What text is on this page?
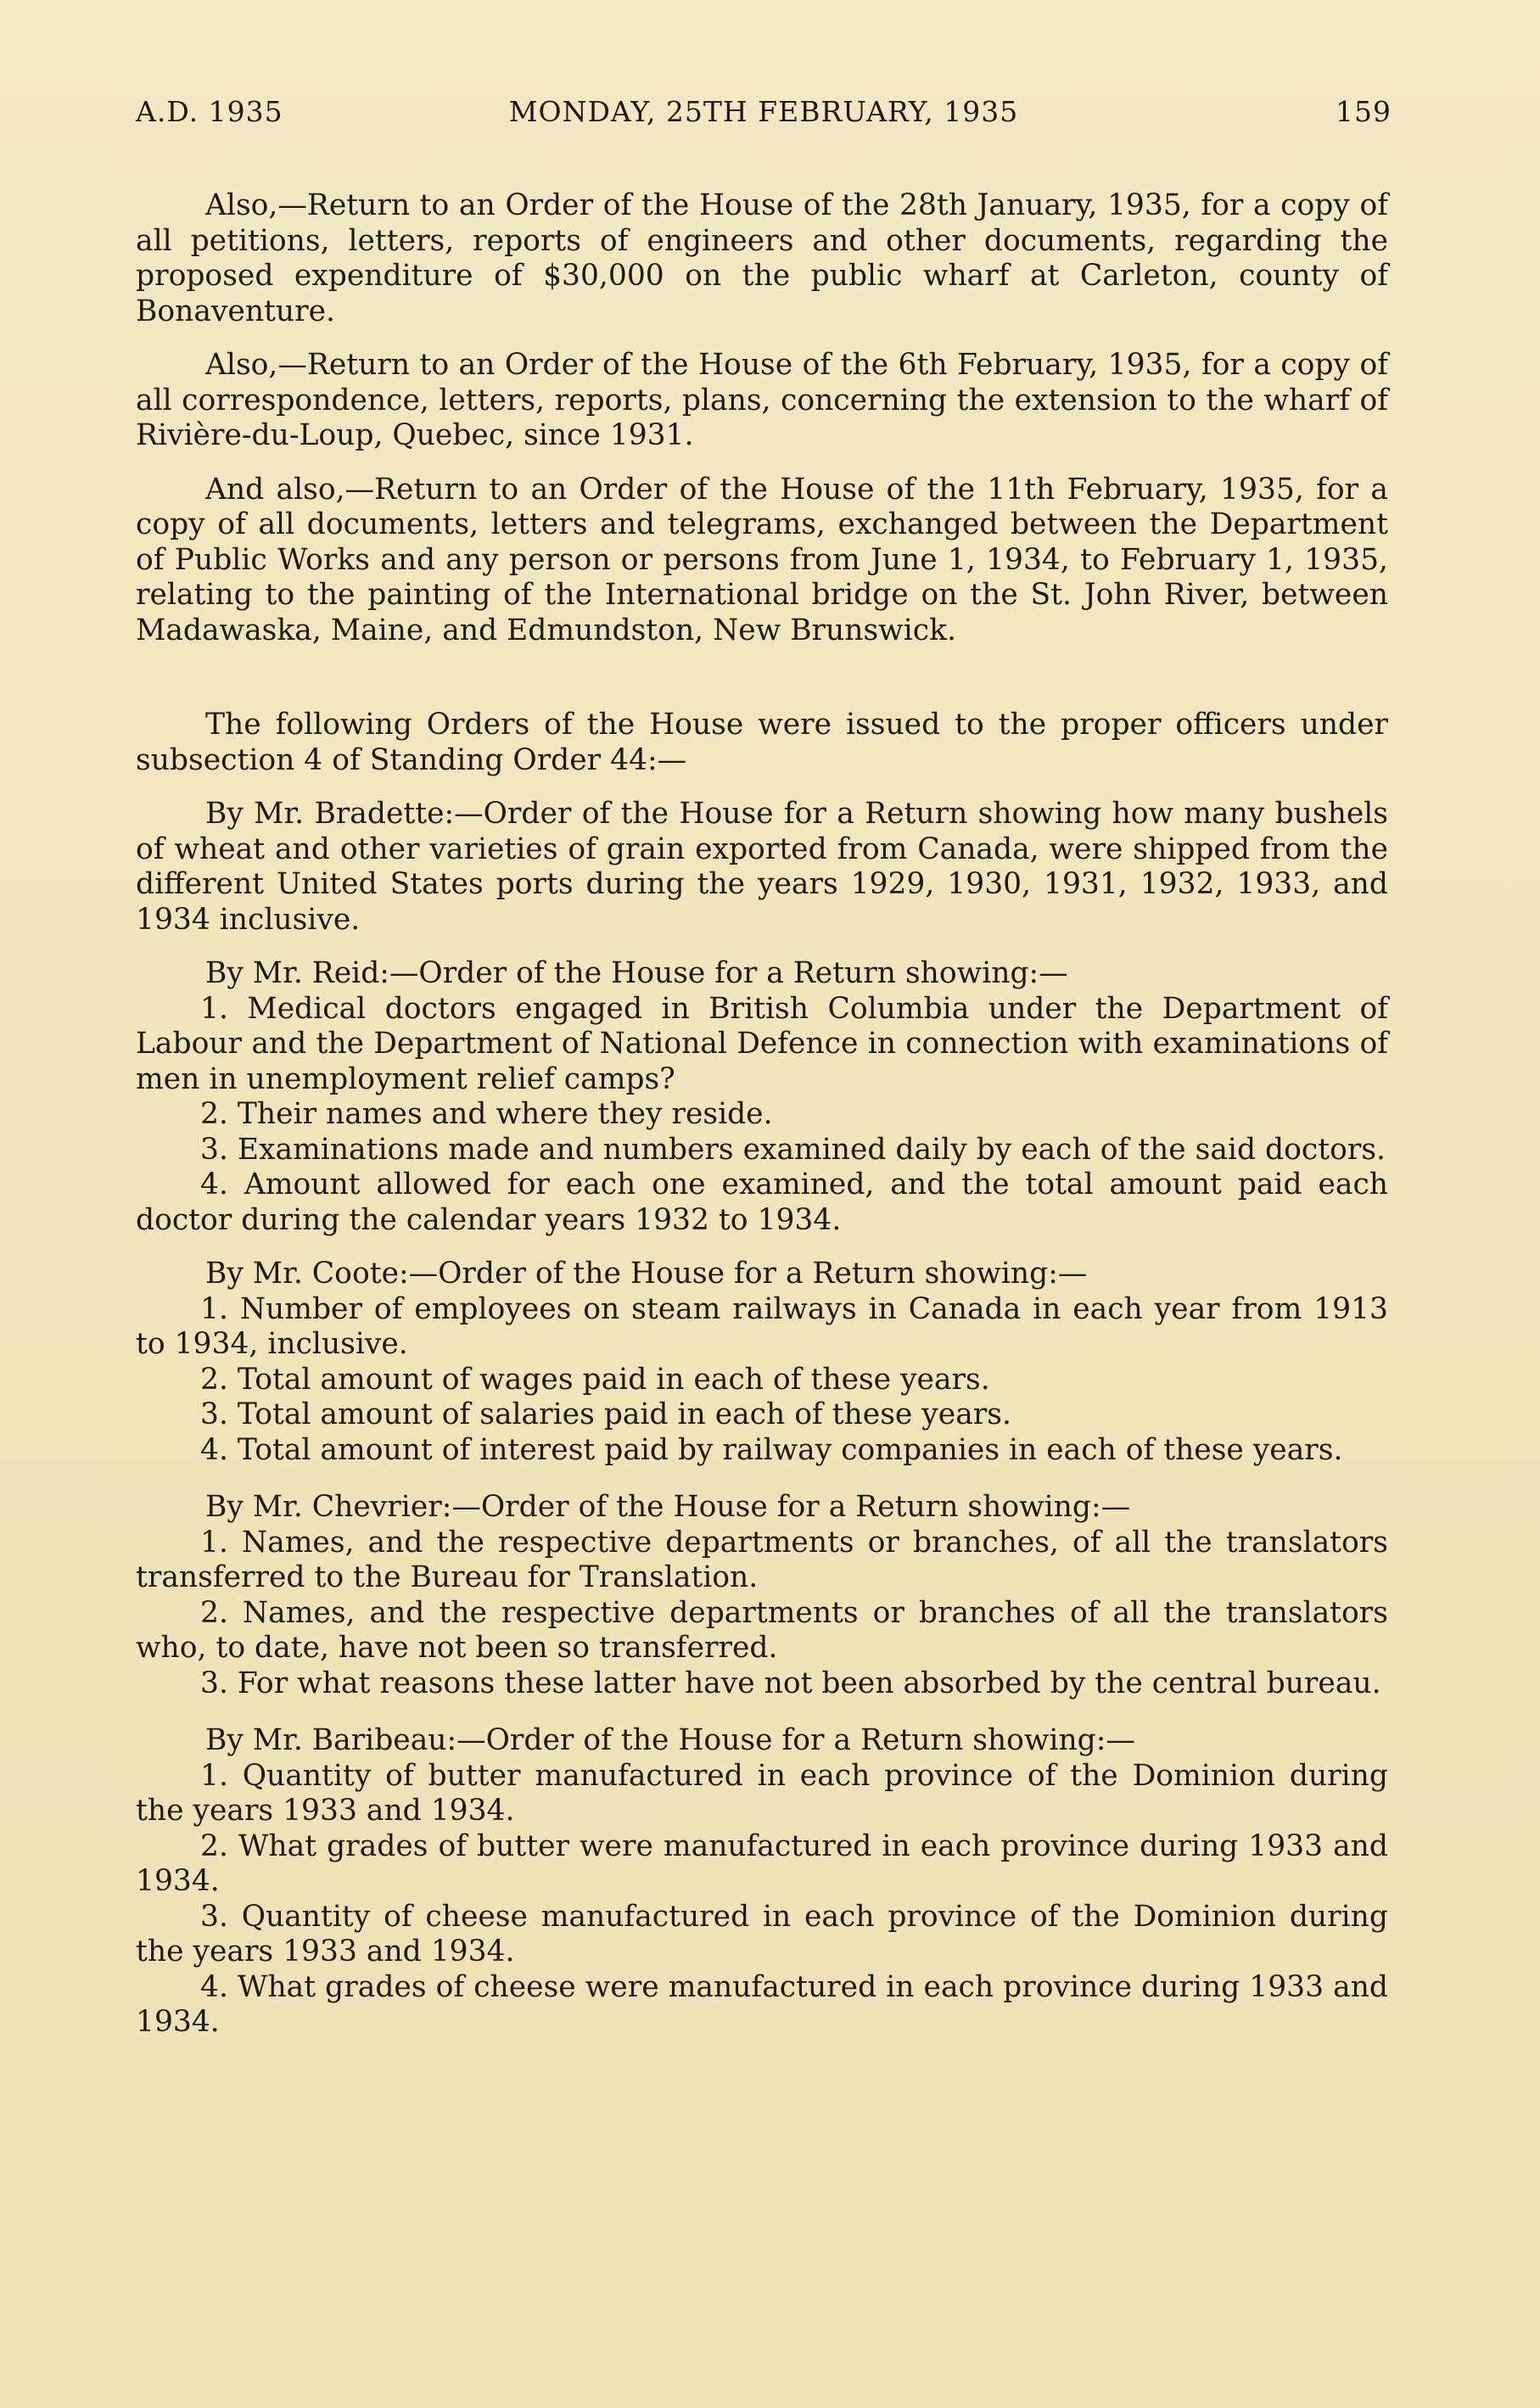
A.D. 1935	MONDAY, 25TH FEBRUARY, 1935	159

Also,—Return to an Order of the House of the 28th January, 1935, for a copy of all petitions, letters, reports of engineers and other documents, regarding the proposed expenditure of $30,000 on the public wharf at Carleton, county of Bonaventure.

Also,—Return to an Order of the House of the 6th February, 1935, for a copy of all correspondence, letters, reports, plans, concerning the extension to the wharf of Rivière-du-Loup, Quebec, since 1931.

And also,—Return to an Order of the House of the 11th February, 1935, for a copy of all documents, letters and telegrams, exchanged between the Department of Public Works and any person or persons from June 1, 1934, to February 1, 1935, relating to the painting of the International bridge on the St. John River, between Madawaska, Maine, and Edmundston, New Brunswick.

The following Orders of the House were issued to the proper officers under subsection 4 of Standing Order 44:—

By Mr. Bradette:—Order of the House for a Return showing how many bushels of wheat and other varieties of grain exported from Canada, were shipped from the different United States ports during the years 1929, 1930, 1931, 1932, 1933, and 1934 inclusive.

By Mr. Reid:—Order of the House for a Return showing:—

1. Medical doctors engaged in British Columbia under the Department of Labour and the Department of National Defence in connection with examinations of men in unemployment relief camps?

2. Their names and where they reside.

3. Examinations made and numbers examined daily by each of the said doctors.

4. Amount allowed for each one examined, and the total amount paid each doctor during the calendar years 1932 to 1934.

By Mr. Coote:—Order of the House for a Return showing:—

1. Number of employees on steam railways in Canada in each year from 1913 to 1934, inclusive.

2. Total amount of wages paid in each of these years.

3. Total amount of salaries paid in each of these years.

4. Total amount of interest paid by railway companies in each of these years.

By Mr. Chevrier:—Order of the House for a Return showing:—

1. Names, and the respective departments or branches, of all the translators transferred to the Bureau for Translation.

2. Names, and the respective departments or branches of all the translators who, to date, have not been so transferred.

3. For what reasons these latter have not been absorbed by the central bureau.

By Mr. Baribeau:—Order of the House for a Return showing:—

1. Quantity of butter manufactured in each province of the Dominion during the years 1933 and 1934.

2. What grades of butter were manufactured in each province during 1933 and 1934.

3. Quantity of cheese manufactured in each province of the Dominion during the years 1933 and 1934.

4. What grades of cheese were manufactured in each province during 1933 and 1934.
